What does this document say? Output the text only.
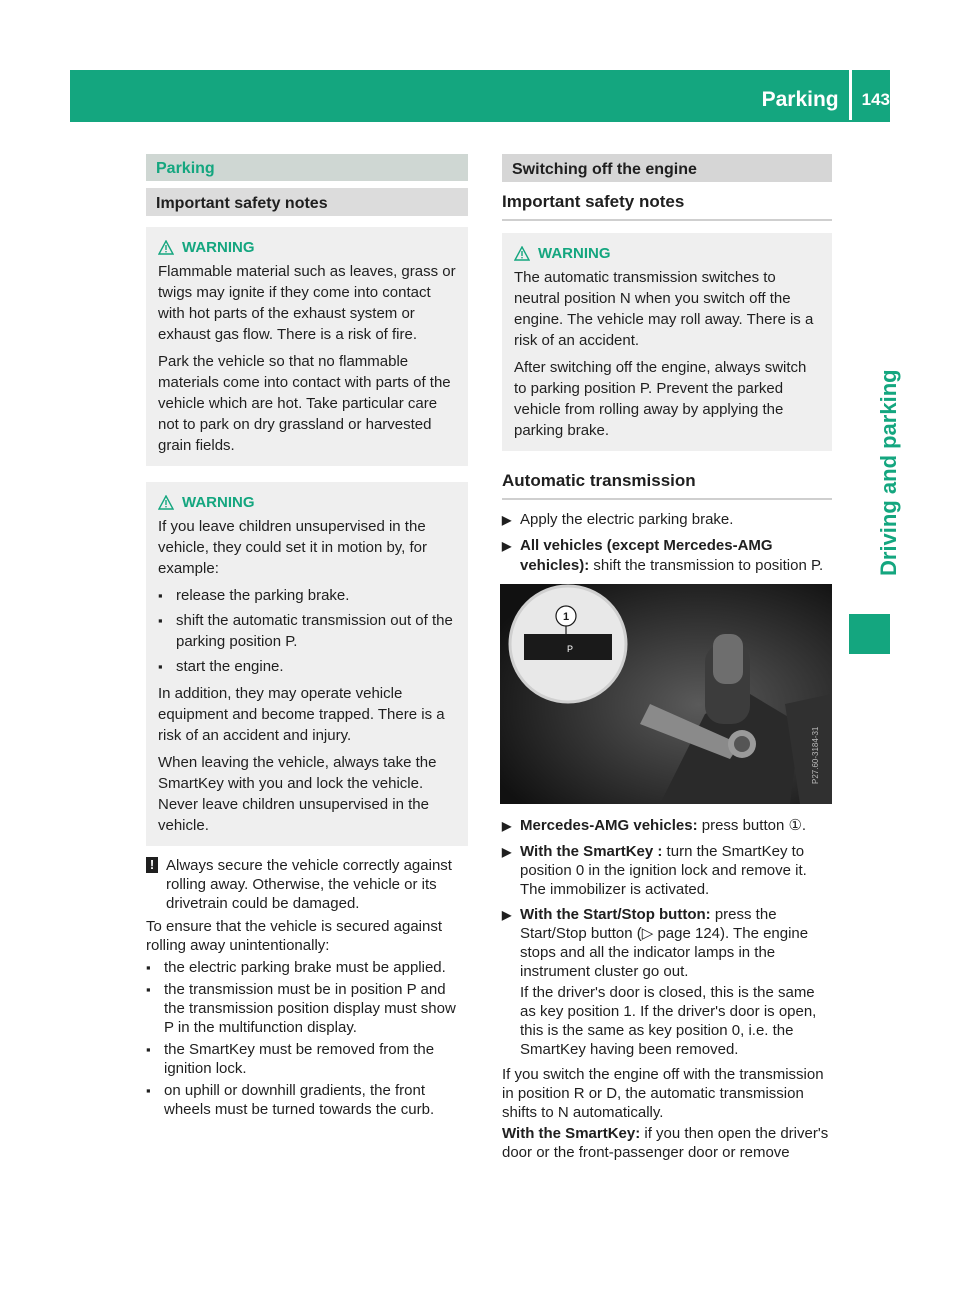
Parking	143
Driving and parking
Parking
Important safety notes
WARNING

Flammable material such as leaves, grass or twigs may ignite if they come into contact with hot parts of the exhaust system or exhaust gas flow. There is a risk of fire.

Park the vehicle so that no flammable materials come into contact with parts of the vehicle which are hot. Take particular care not to park on dry grassland or harvested grain fields.

WARNING

If you leave children unsupervised in the vehicle, they could set it in motion by, for example:

▪ release the parking brake.
▪ shift the automatic transmission out of the parking position P.
▪ start the engine.

In addition, they may operate vehicle equipment and become trapped. There is a risk of an accident and injury.

When leaving the vehicle, always take the SmartKey with you and lock the vehicle. Never leave children unsupervised in the vehicle.

! Always secure the vehicle correctly against rolling away. Otherwise, the vehicle or its drivetrain could be damaged.

To ensure that the vehicle is secured against rolling away unintentionally:

▪ the electric parking brake must be applied.
▪ the transmission must be in position P and the transmission position display must show P in the multifunction display.
▪ the SmartKey must be removed from the ignition lock.
▪ on uphill or downhill gradients, the front wheels must be turned towards the curb.
Switching off the engine
Important safety notes
WARNING

The automatic transmission switches to neutral position N when you switch off the engine. The vehicle may roll away. There is a risk of an accident.

After switching off the engine, always switch to parking position P. Prevent the parked vehicle from rolling away by applying the parking brake.

Automatic transmission
▶ Apply the electric parking brake.
▶ All vehicles (except Mercedes-AMG vehicles): shift the transmission to position P.
1
P
P27.60-3184-31
▶ Mercedes-AMG vehicles: press button ①.
▶ With the SmartKey : turn the SmartKey to position 0 in the ignition lock and remove it. The immobilizer is activated.
▶ With the Start/Stop button: press the Start/Stop button (▷ page 124). The engine stops and all the indicator lamps in the instrument cluster go out.

If the driver's door is closed, this is the same as key position 1. If the driver's door is open, this is the same as key position 0, i.e. the SmartKey having been removed.

If you switch the engine off with the transmission in position R or D, the automatic transmission shifts to N automatically.

With the SmartKey: if you then open the driver's door or the front-passenger door or remove
